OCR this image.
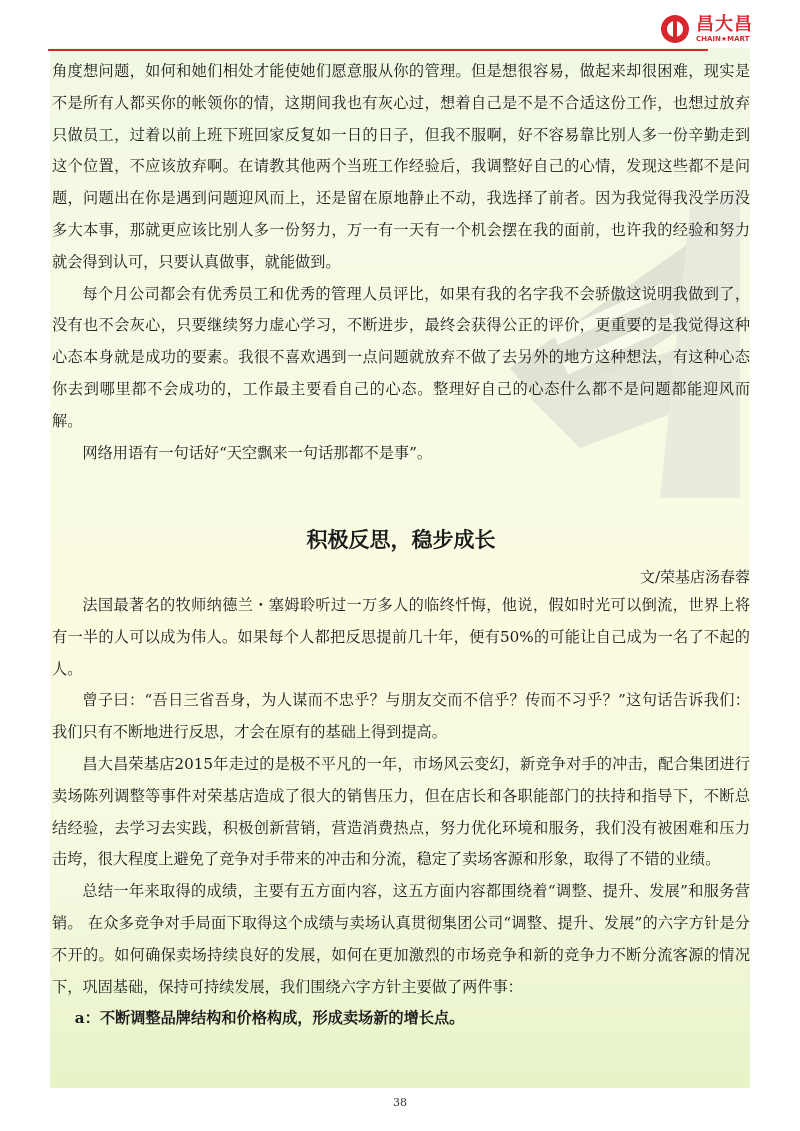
昌大昌
CHAIN★MART

角度想问题，如何和她们相处才能使她们愿意服从你的管理。但是想很容易，做起来却很困难，现实是不是所有人都买你的帐领你的情，这期间我也有灰心过，想着自己是不是不合适这份工作，也想过放弃只做员工，过着以前上班下班回家反复如一日的日子，但我不服啊，好不容易靠比别人多一份辛勤走到这个位置，不应该放弃啊。在请教其他两个当班工作经验后，我调整好自己的心情，发现这些都不是问题，问题出在你是遇到问题迎风而上，还是留在原地静止不动，我选择了前者。因为我觉得我没学历没多大本事，那就更应该比别人多一份努力，万一有一天有一个机会摆在我的面前，也许我的经验和努力就会得到认可，只要认真做事，就能做到。

每个月公司都会有优秀员工和优秀的管理人员评比，如果有我的名字我不会骄傲这说明我做到了，没有也不会灰心，只要继续努力虚心学习，不断进步，最终会获得公正的评价，更重要的是我觉得这种心态本身就是成功的要素。我很不喜欢遇到一点问题就放弃不做了去另外的地方这种想法，有这种心态你去到哪里都不会成功的，工作最主要看自己的心态。整理好自己的心态什么都不是问题都能迎风而解。

网络用语有一句话好“天空飘来一句话那都不是事”。

积极反思，稳步成长
文/荣基店汤春蓉

法国最著名的牧师纳德兰・塞姆聆听过一万多人的临终忏悔，他说，假如时光可以倒流，世界上将有一半的人可以成为伟人。如果每个人都把反思提前几十年，便有50%的可能让自己成为一名了不起的人。

曾子曰：“吾日三省吾身，为人谋而不忠乎？与朋友交而不信乎？传而不习乎？”这句话告诉我们：我们只有不断地进行反思，才会在原有的基础上得到提高。

昌大昌荣基店2015年走过的是极不平凡的一年，市场风云变幻，新竞争对手的冲击，配合集团进行卖场陈列调整等事件对荣基店造成了很大的销售压力，但在店长和各职能部门的扶持和指导下，不断总结经验，去学习去实践，积极创新营销，营造消费热点，努力优化环境和服务，我们没有被困难和压力击垮，很大程度上避免了竞争对手带来的冲击和分流，稳定了卖场客源和形象，取得了不错的业绩。

总结一年来取得的成绩，主要有五方面内容，这五方面内容都围绕着“调整、提升、发展”和服务营销。 在众多竞争对手局面下取得这个成绩与卖场认真贯彻集团公司“调整、提升、发展”的六字方针是分不开的。如何确保卖场持续良好的发展，如何在更加激烈的市场竞争和新的竞争力不断分流客源的情况下，巩固基础，保持可持续发展，我们围绕六字方针主要做了两件事：

a：不断调整品牌结构和价格构成，形成卖场新的增长点。

38
